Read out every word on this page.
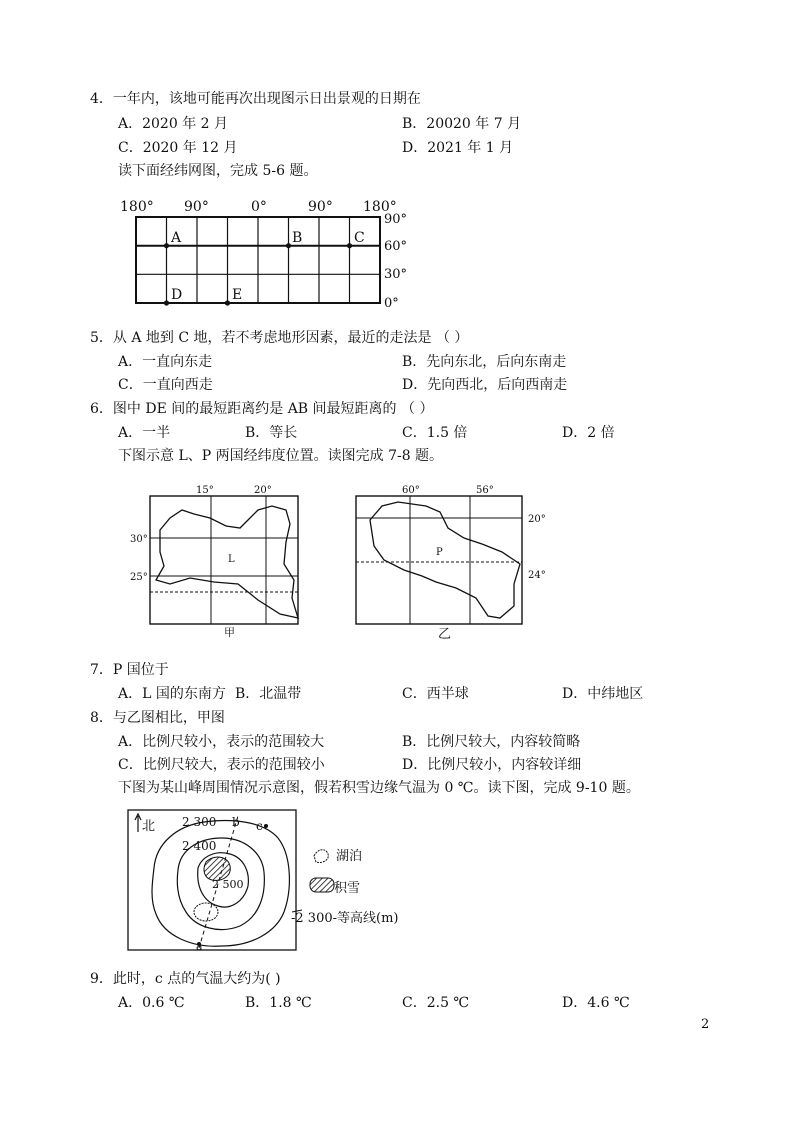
4．一年内，该地可能再次出现图示日出景观的日期在
A．2020 年 2 月	B．20020 年 7 月
C．2020 年 12 月	D．2021 年 1 月
读下面经纬网图，完成 5-6 题。
180° 90°	0°	90° 180°
90°
60°
30°
0°
A	B	C
D	E
5．从 A 地到 C 地，若不考虑地形因素，最近的走法是 （ ）
A．一直向东走	B．先向东北，后向东南走
C．一直向西走	D．先向西北，后向西南走
6．图中 DE 间的最短距离约是 AB 间最短距离的 （ ）
A．一半	B．等长	C．1.5 倍	D．2 倍
下图示意 L、P 两国经纬度位置。读图完成 7-8 题。
15°	20°
30°
25°
L
甲
60°	56°
20°
24°
P
乙
7．P 国位于
A．L 国的东南方 B．北温带	C．西半球	D．中纬地区
8．与乙图相比，甲图
A．比例尺较小，表示的范围较大	B．比例尺较大，内容较简略
C．比例尺较大，表示的范围较小	D．比例尺较小，内容较详细
下图为某山峰周围情况示意图，假若积雪边缘气温为 0 ℃。读下图，完成 9-10 题。
北 2 300
2 400
2 500
b c
a
湖泊
积雪
-2 300-等高线(m)
9．此时，c 点的气温大约为( )
A．0.6 ℃	B．1.8 ℃	C．2.5 ℃	D．4.6 ℃
2
